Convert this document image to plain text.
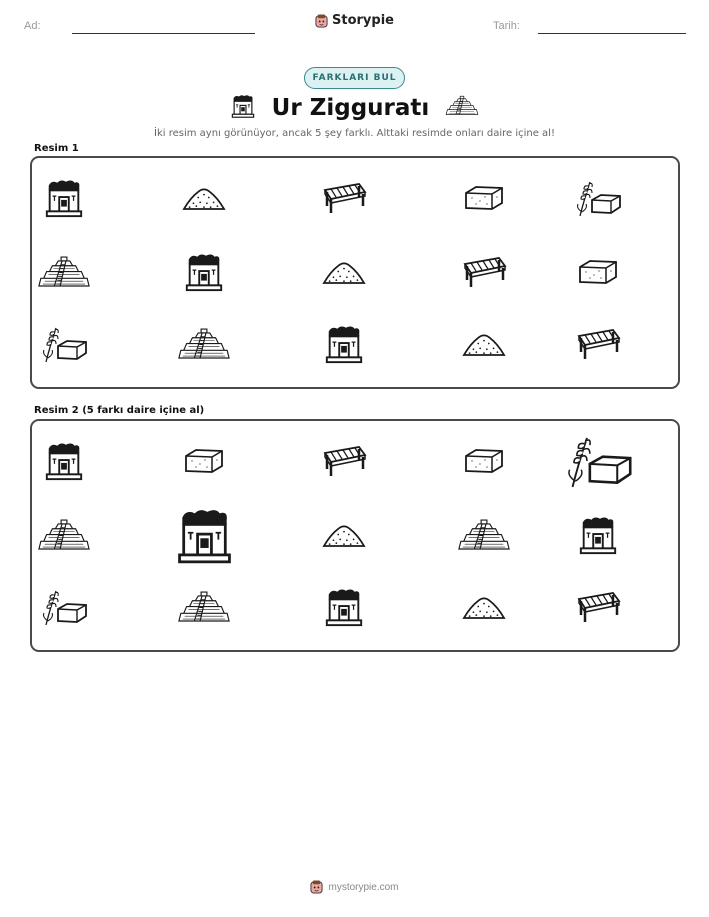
Ad:	Storypie	Tarih:
FARKLARI BUL
Ur Zigguratı
İki resim aynı görünüyor, ancak 5 şey farklı. Alttaki resimde onları daire içine al!
Resim 1
Resim 2 (5 farkı daire içine al)
mystorypie.com
